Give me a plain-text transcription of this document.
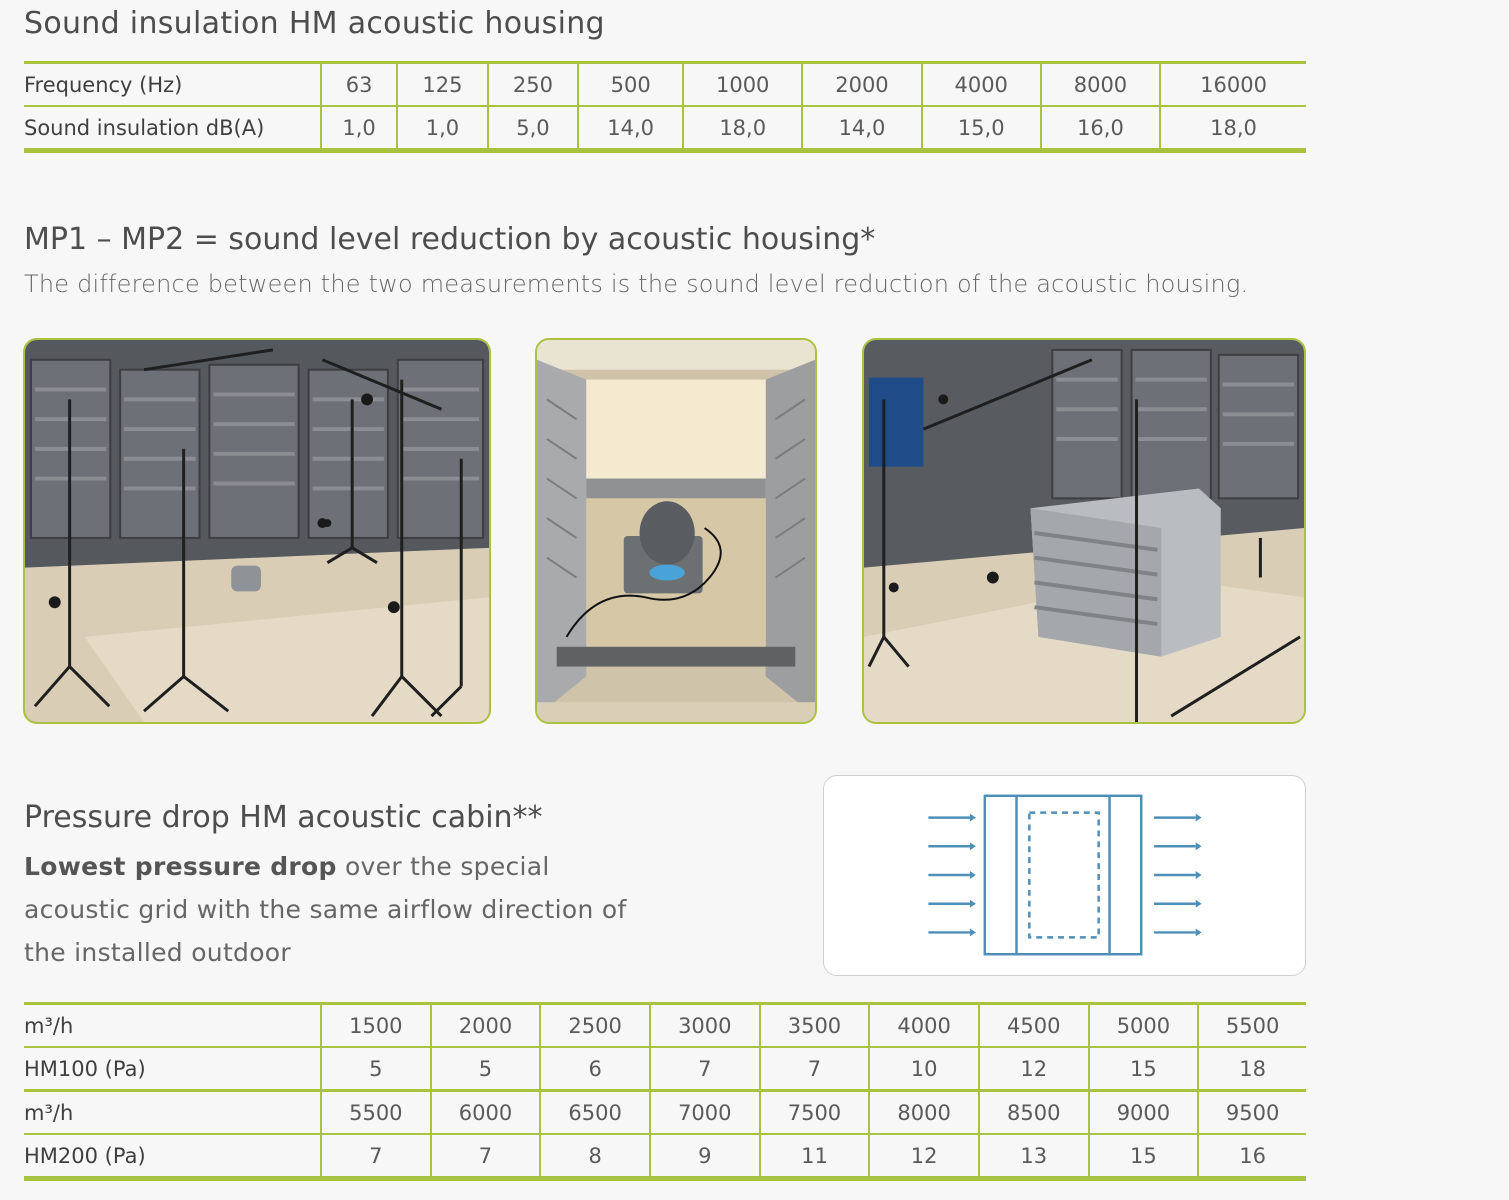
Sound insulation HM acoustic housing
Frequency (Hz)	63	125	250	500	1000	2000	4000	8000	16000
Sound insulation dB(A)	1,0	1,0	5,0	14,0	18,0	14,0	15,0	16,0	18,0
MP1 – MP2 = sound level reduction by acoustic housing*

The difference between the two measurements is the sound level reduction of the acoustic housing.

Pressure drop HM acoustic cabin**

Lowest pressure drop over the special acoustic grid with the same airflow direction of the installed outdoor

m³/h	1500	2000	2500	3000	3500	4000	4500	5000	5500
HM100 (Pa)	5	5	6	7	7	10	12	15	18
m³/h	5500	6000	6500	7000	7500	8000	8500	9000	9500
HM200 (Pa)	7	7	8	9	11	12	13	15	16
